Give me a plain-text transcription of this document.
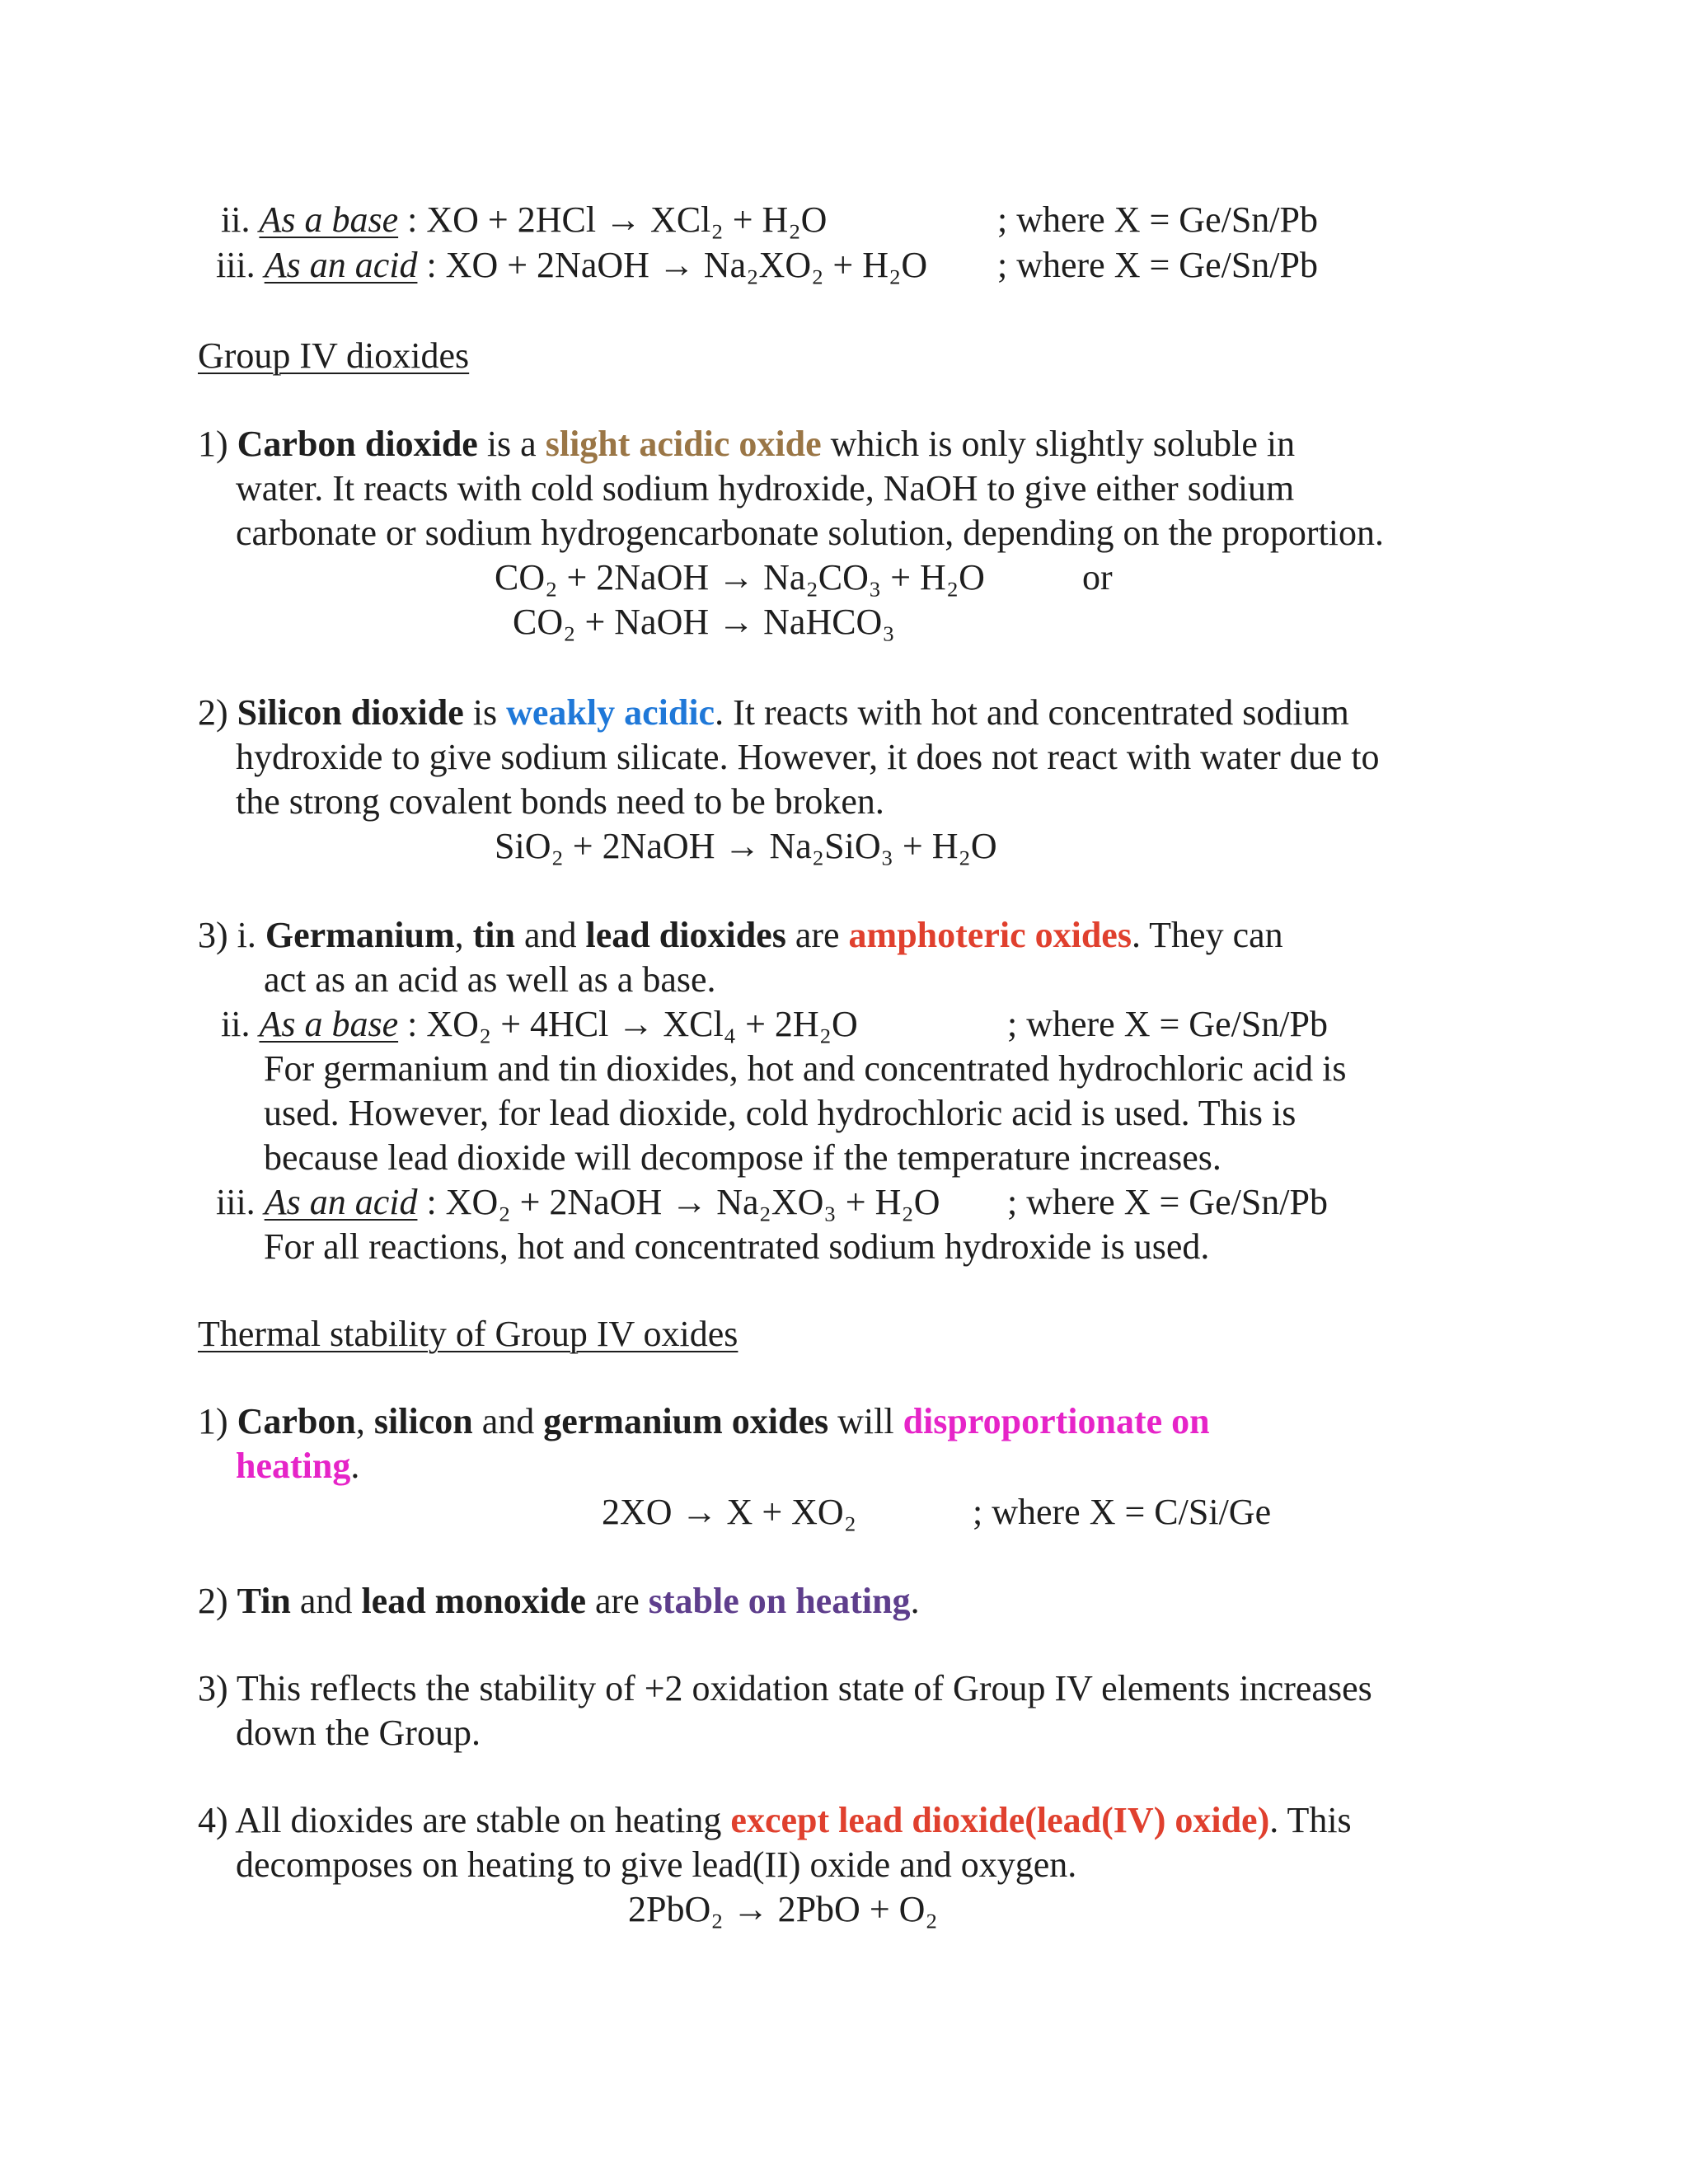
ii. As a base : XO + 2HCl → XCl₂ + H₂O	; where X = Ge/Sn/Pb
iii. As an acid : XO + 2NaOH → Na₂XO₂ + H₂O ; where X = Ge/Sn/Pb
Group IV dioxides
1) Carbon dioxide is a slight acidic oxide which is only slightly soluble in
water. It reacts with cold sodium hydroxide, NaOH to give either sodium
carbonate or sodium hydrogencarbonate solution, depending on the proportion.
CO₂ + 2NaOH → Na₂CO₃ + H₂O	or
CO₂ + NaOH → NaHCO₃
2) Silicon dioxide is weakly acidic. It reacts with hot and concentrated sodium
hydroxide to give sodium silicate. However, it does not react with water due to
the strong covalent bonds need to be broken.
SiO₂ + 2NaOH → Na₂SiO₃ + H₂O
3) i. Germanium, tin and lead dioxides are amphoteric oxides. They can
act as an acid as well as a base.
ii. As a base : XO₂ + 4HCl → XCl₄ + 2H₂O	; where X = Ge/Sn/Pb
For germanium and tin dioxides, hot and concentrated hydrochloric acid is
used. However, for lead dioxide, cold hydrochloric acid is used. This is
because lead dioxide will decompose if the temperature increases.
iii. As an acid : XO₂ + 2NaOH → Na₂XO₃ + H₂O ; where X = Ge/Sn/Pb
For all reactions, hot and concentrated sodium hydroxide is used.
Thermal stability of Group IV oxides
1) Carbon, silicon and germanium oxides will disproportionate on
heating.
2XO → X + XO₂	; where X = C/Si/Ge
2) Tin and lead monoxide are stable on heating.
3) This reflects the stability of +2 oxidation state of Group IV elements increases
down the Group.
4) All dioxides are stable on heating except lead dioxide(lead(IV) oxide). This
decomposes on heating to give lead(II) oxide and oxygen.
2PbO₂ → 2PbO + O₂
